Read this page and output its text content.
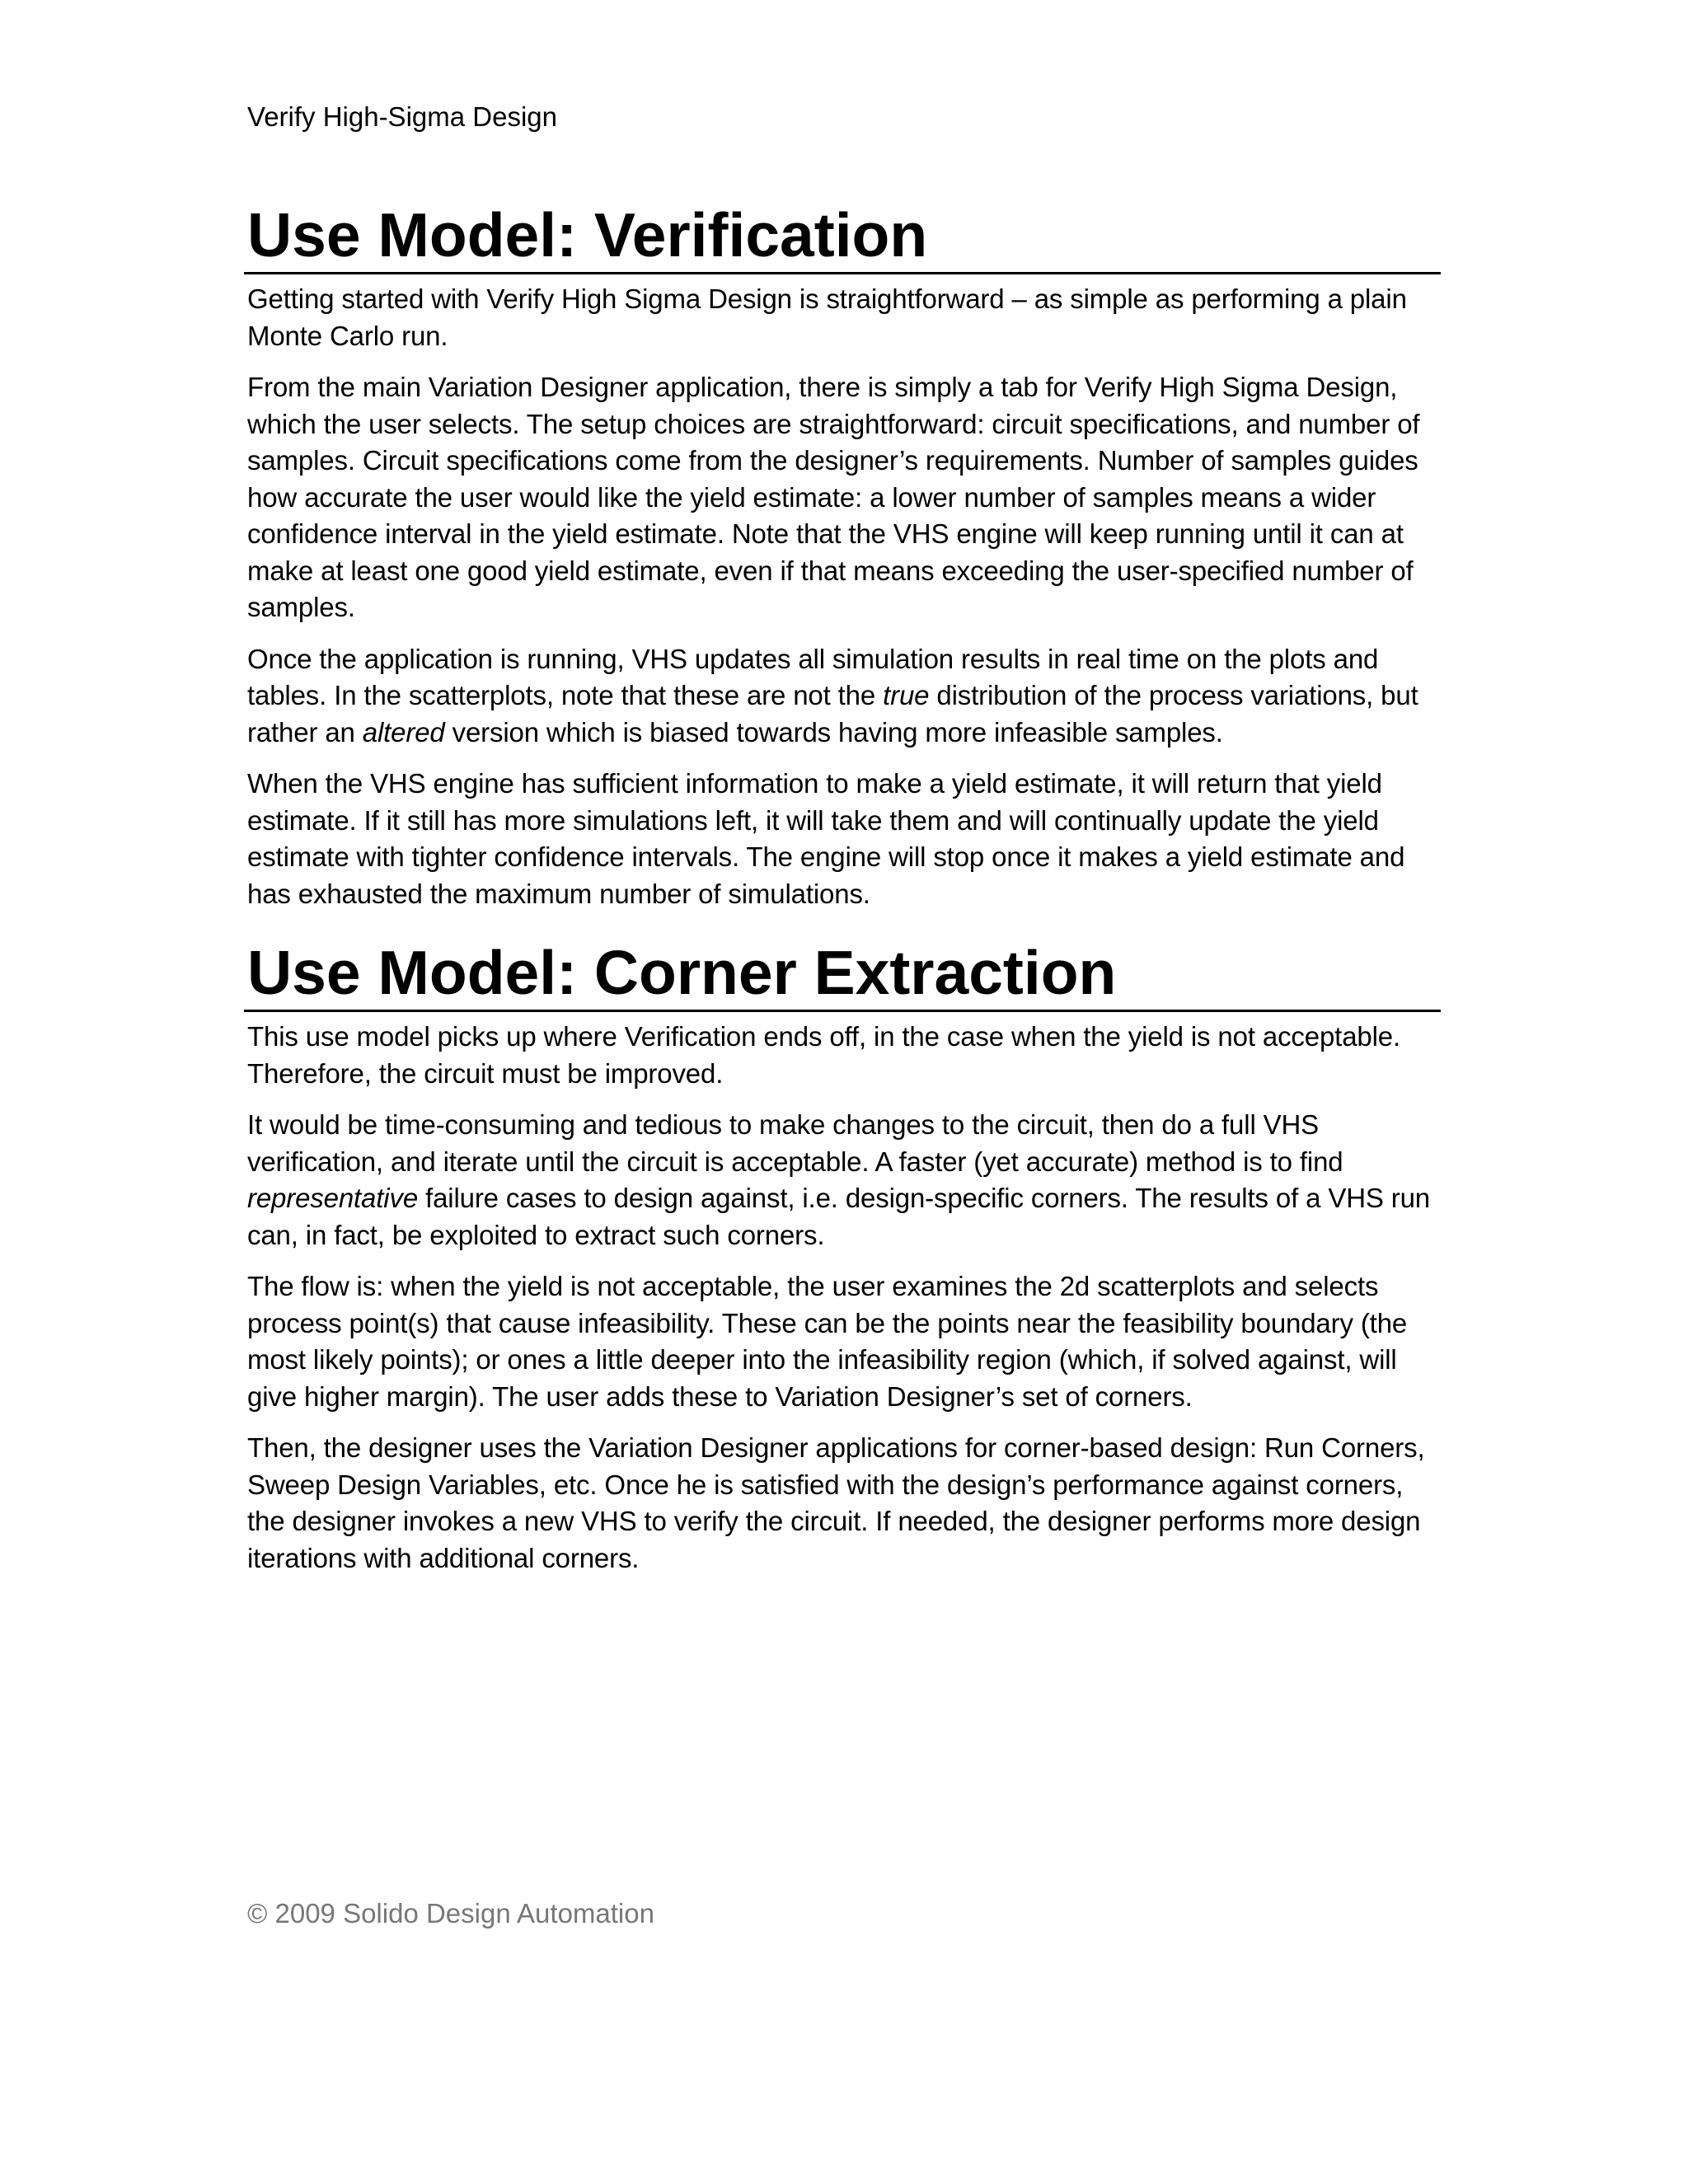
Verify High-Sigma Design
Use Model: Verification

Getting started with Verify High Sigma Design is straightforward – as simple as performing a plain Monte Carlo run.

From the main Variation Designer application, there is simply a tab for Verify High Sigma Design, which the user selects. The setup choices are straightforward: circuit specifications, and number of samples. Circuit specifications come from the designer’s requirements. Number of samples guides how accurate the user would like the yield estimate: a lower number of samples means a wider confidence interval in the yield estimate. Note that the VHS engine will keep running until it can at make at least one good yield estimate, even if that means exceeding the user-specified number of samples.

Once the application is running, VHS updates all simulation results in real time on the plots and tables. In the scatterplots, note that these are not the true distribution of the process variations, but rather an altered version which is biased towards having more infeasible samples.

When the VHS engine has sufficient information to make a yield estimate, it will return that yield estimate. If it still has more simulations left, it will take them and will continually update the yield estimate with tighter confidence intervals. The engine will stop once it makes a yield estimate and has exhausted the maximum number of simulations.

Use Model: Corner Extraction

This use model picks up where Verification ends off, in the case when the yield is not acceptable. Therefore, the circuit must be improved.

It would be time-consuming and tedious to make changes to the circuit, then do a full VHS verification, and iterate until the circuit is acceptable. A faster (yet accurate) method is to find representative failure cases to design against, i.e. design-specific corners. The results of a VHS run can, in fact, be exploited to extract such corners.

The flow is: when the yield is not acceptable, the user examines the 2d scatterplots and selects process point(s) that cause infeasibility. These can be the points near the feasibility boundary (the most likely points); or ones a little deeper into the infeasibility region (which, if solved against, will give higher margin). The user adds these to Variation Designer’s set of corners.

Then, the designer uses the Variation Designer applications for corner-based design: Run Corners, Sweep Design Variables, etc. Once he is satisfied with the design’s performance against corners, the designer invokes a new VHS to verify the circuit. If needed, the designer performs more design iterations with additional corners.

© 2009 Solido Design Automation
